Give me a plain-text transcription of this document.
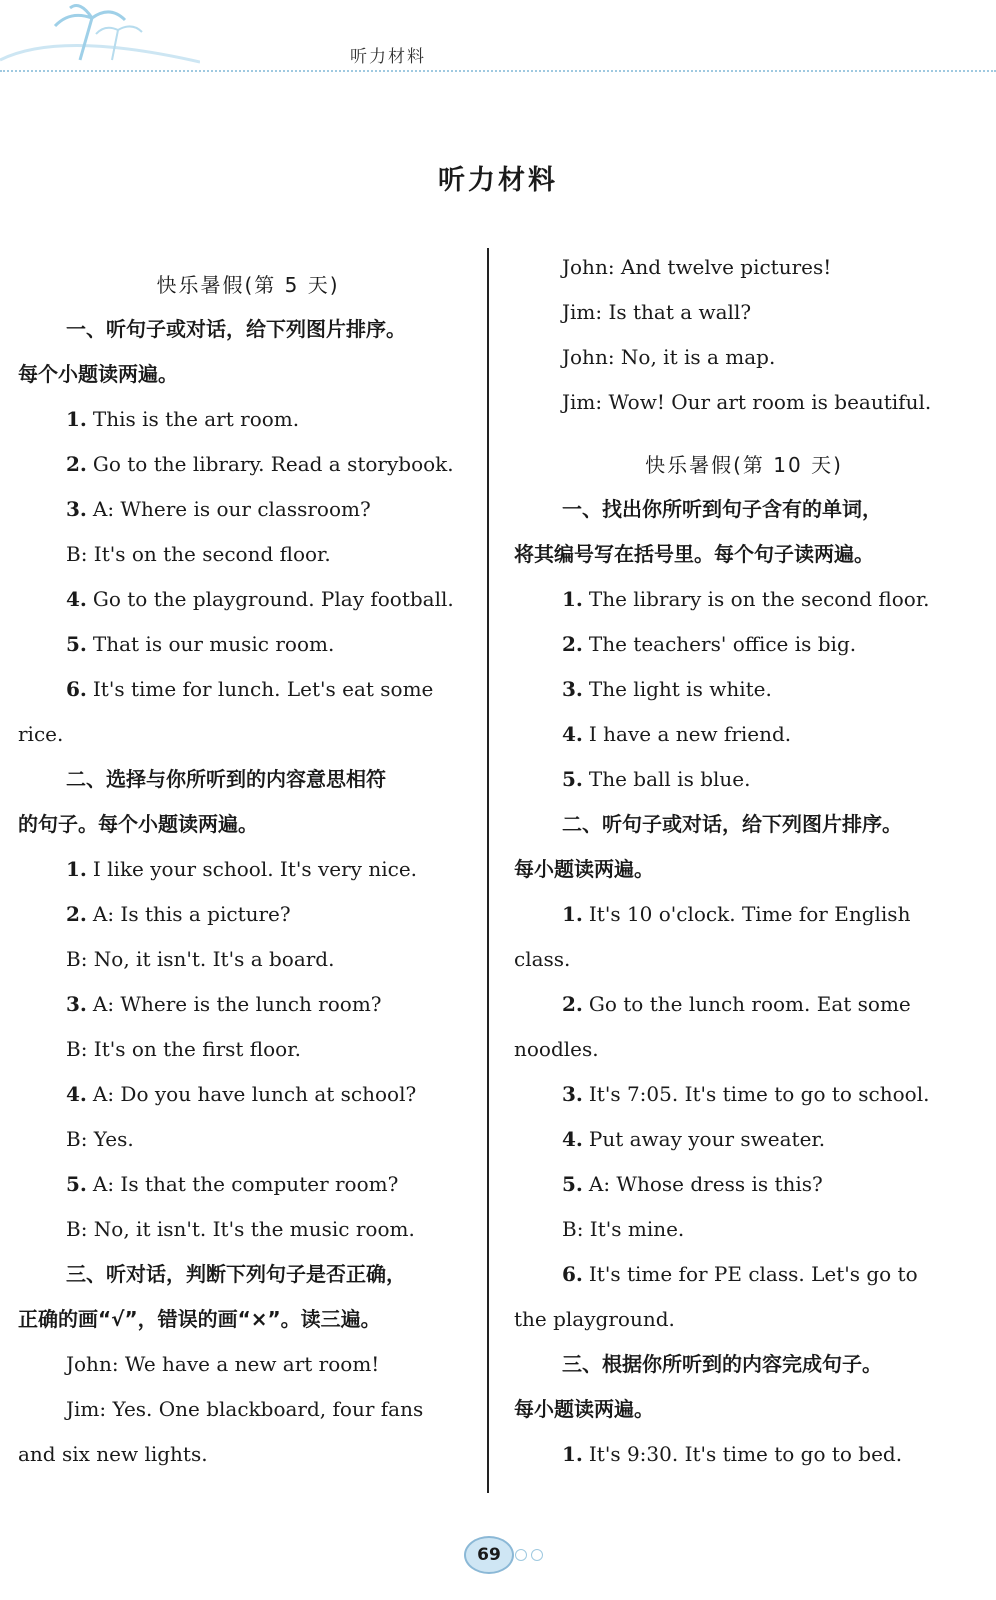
听力材料
听力材料
快乐暑假(第 5 天)
一、听句子或对话，给下列图片排序。
每个小题读两遍。
1. This is the art room.
2. Go to the library. Read a storybook.
3. A: Where is our classroom?
B: It's on the second floor.
4. Go to the playground. Play football.
5. That is our music room.
6. It's time for lunch. Let's eat some
rice.
二、选择与你所听到的内容意思相符
的句子。每个小题读两遍。
1. I like your school. It's very nice.
2. A: Is this a picture?
B: No, it isn't. It's a board.
3. A: Where is the lunch room?
B: It's on the first floor.
4. A: Do you have lunch at school?
B: Yes.
5. A: Is that the computer room?
B: No, it isn't. It's the music room.
三、听对话，判断下列句子是否正确，
正确的画“√”，错误的画“×”。读三遍。
John: We have a new art room!
Jim: Yes. One blackboard, four fans
and six new lights.
John: And twelve pictures!
Jim: Is that a wall?
John: No, it is a map.
Jim: Wow! Our art room is beautiful.
快乐暑假(第 10 天)
一、找出你所听到句子含有的单词，
将其编号写在括号里。每个句子读两遍。
1. The library is on the second floor.
2. The teachers' office is big.
3. The light is white.
4. I have a new friend.
5. The ball is blue.
二、听句子或对话，给下列图片排序。
每小题读两遍。
1. It's 10 o'clock. Time for English
class.
2. Go to the lunch room. Eat some
noodles.
3. It's 7:05. It's time to go to school.
4. Put away your sweater.
5. A: Whose dress is this?
B: It's mine.
6. It's time for PE class. Let's go to
the playground.
三、根据你所听到的内容完成句子。
每小题读两遍。
1. It's 9:30. It's time to go to bed.
69
